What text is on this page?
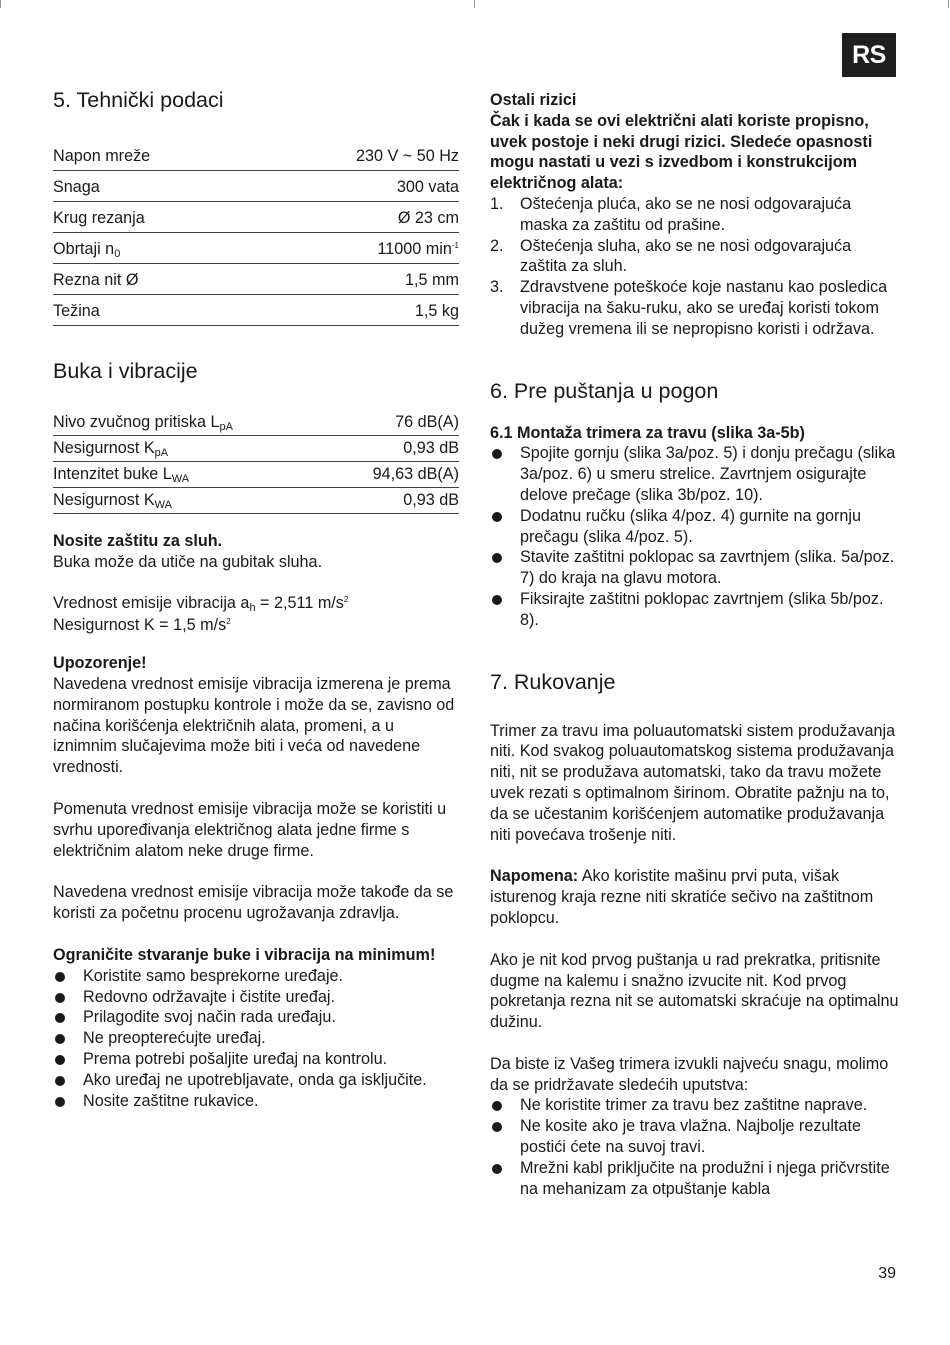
RS
5. Tehnički podaci
Napon mreže	230 V ~ 50 Hz
Snaga	300 vata
Krug rezanja	Ø 23 cm
Obrtaji $n_0$	11000 $\min^{-1}$
Rezna nit Ø	1,5 mm
Težina	1,5 kg
Buka i vibracije
Nivo zvučnog pritiska $L_{pA}$	76 dB(A)
Nesigurnost $K_{pA}$	0,93 dB
Intenzitet buke $L_{WA}$	94,63 dB(A)
Nesigurnost $K_{WA}$	0,93 dB

Nosite zaštitu za sluh.

Buka može da utiče na gubitak sluha.

Vrednost emisije vibracija $a_h = 2,511$ $m/s^2$

Nesigurnost K = 1,5 $m/s^2$

Upozorenje!

Navedena vrednost emisije vibracija izmerena je prema normiranom postupku kontrole i može da se, zavisno od načina korišćenja električnih alata, promeni, a u iznimnim slučajevima može biti i veća od navedene vrednosti.

Pomenuta vrednost emisije vibracija može se koristiti u svrhu upoređivanja električnog alata jedne firme s električnim alatom neke druge firme.

Navedena vrednost emisije vibracija može takođe da se koristi za početnu procenu ugrožavanja zdravlja.

Ograničite stvaranje buke i vibracija na minimum!

Koristite samo besprekorne uređaje.
Redovno održavajte i čistite uređaj.
Prilagodite svoj način rada uređaju.
Ne preopterećujte uređaj.
Prema potrebi pošaljite uređaj na kontrolu.
Ako uređaj ne upotrebljavate, onda ga isključite.
Nosite zaštitne rukavice.

Ostali rizici

Čak i kada se ovi električni alati koriste propisno, uvek postoje i neki drugi rizici. Sledeće opasnosti mogu nastati u vezi s izvedbom i konstrukcijom električnog alata:

1. Oštećenja pluća, ako se ne nosi odgovarajuća maska za zaštitu od prašine.
2. Oštećenja sluha, ako se ne nosi odgovarajuća zaštita za sluh.
3. Zdravstvene poteškoće koje nastanu kao posledica vibracija na šaku-ruku, ako se uređaj koristi tokom dužeg vremena ili se nepropisno koristi i održava.
6. Pre puštanja u pogon

6.1 Montaža trimera za travu (slika 3a-5b)

Spojite gornju (slika 3a/poz. 5) i donju prečagu (slika 3a/poz. 6) u smeru strelice. Zavrtnjem osigurajte delove prečage (slika 3b/poz. 10).
Dodatnu ručku (slika 4/poz. 4) gurnite na gornju prečagu (slika 4/poz. 5).
Stavite zaštitni poklopac sa zavrtnjem (slika. 5a/poz. 7) do kraja na glavu motora.
Fiksirajte zaštitni poklopac zavrtnjem (slika 5b/poz. 8).
7. Rukovanje

Trimer za travu ima poluautomatski sistem produžavanja niti. Kod svakog poluautomatskog sistema produžavanja niti, nit se produžava automatski, tako da travu možete uvek rezati s optimalnom širinom. Obratite pažnju na to, da se učestanim korišćenjem automatike produžavanja niti povećava trošenje niti.

Napomena: Ako koristite mašinu prvi puta, višak isturenog kraja rezne niti skratiće sečivo na zaštitnom poklopcu.

Ako je nit kod prvog puštanja u rad prekratka, pritisnite dugme na kalemu i snažno izvucite nit. Kod prvog pokretanja rezna nit se automatski skraćuje na optimalnu dužinu.

Da biste iz Vašeg trimera izvukli najveću snagu, molimo da se pridržavate sledećih uputstva:

Ne koristite trimer za travu bez zaštitne naprave.
Ne kosite ako je trava vlažna. Najbolje rezultate postići ćete na suvoj travi.
Mrežni kabl priključite na produžni i njega pričvrstite na mehanizam za otpuštanje kabla
39
